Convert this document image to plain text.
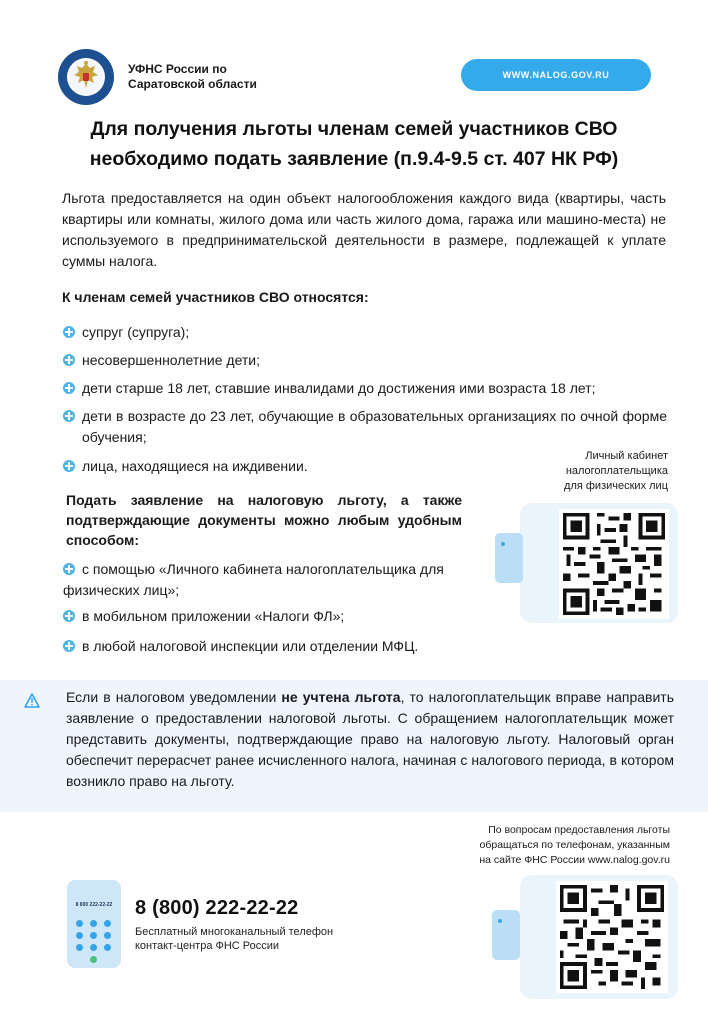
УФНС России по
Саратовской области
WWW.NALOG.GOV.RU
Для получения льготы членам семей участников СВО
необходимо подать заявление (п.9.4-9.5 ст. 407 НК РФ)
Льгота предоставляется на один объект налогообложения каждого вида (квартиры, часть квартиры или комнаты, жилого дома или часть жилого дома, гаража или машино-места) не используемого в предпринимательской деятельности в размере, подлежащей к уплате суммы налога.
К членам семей участников СВО относятся:
супруг (супруга);
несовершеннолетние дети;
дети старше 18 лет, ставшие инвалидами до достижения ими возраста 18 лет;
дети в возрасте до 23 лет, обучающие в образовательных организациях по очной форме обучения;
лица, находящиеся на иждивении.
Подать заявление на налоговую льготу, а также подтверждающие документы можно любым удобным способом:
с помощью «Личного кабинета налогоплательщика для физических лиц»;
в мобильном приложении «Налоги ФЛ»;
в любой налоговой инспекции или отделении МФЦ.
Личный кабинет
налогоплательщика
для физических лиц
Если в налоговом уведомлении не учтена льгота, то налогоплательщик вправе направить заявление о предоставлении налоговой льготы. С обращением налогоплательщик может представить документы, подтверждающие право на налоговую льготу. Налоговый орган обеспечит перерасчет ранее исчисленного налога, начиная с налогового периода, в котором возникло право на льготу.
По вопросам предоставления льготы
обращаться по телефонам, указанным
на сайте ФНС России www.nalog.gov.ru
8 800 222-22-22 8 (800) 222-22-22
Бесплатный многоканальный телефон
контакт-центра ФНС России
